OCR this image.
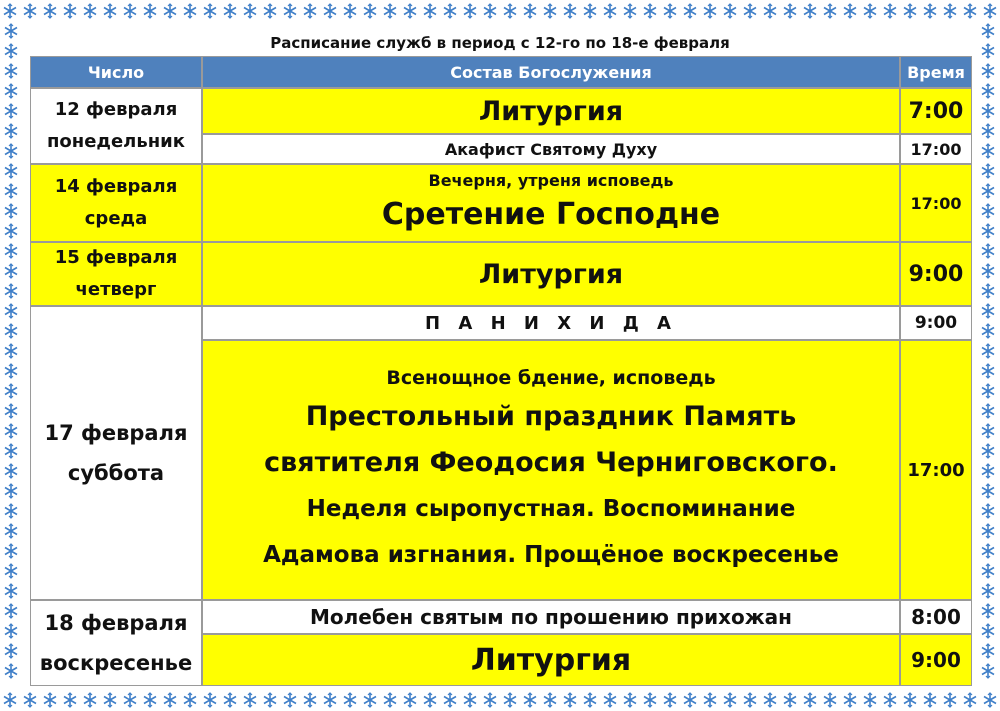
Расписание служб в период с 12-го по 18-е февраля
Число	Состав Богослужения	Время
12 февраля
понедельник
Литургия	7:00
Акафист Святому Духу	17:00
14 февраля
среда
Вечерня, утреня исповедь
Сретение Господне	17:00
15 февраля
четверг	Литургия	9:00
17 февраля
суббота
П А Н И Х И Д А	9:00
Всенощное бдение, исповедь
Престольный праздник Память
святителя Феодосия Черниговского.
Неделя сыропустная. Воспоминание
Адамова изгнания. Прощёное воскресенье
17:00
18 февраля
воскресенье
Молебен святым по прошению прихожан	8:00
Литургия	9:00
